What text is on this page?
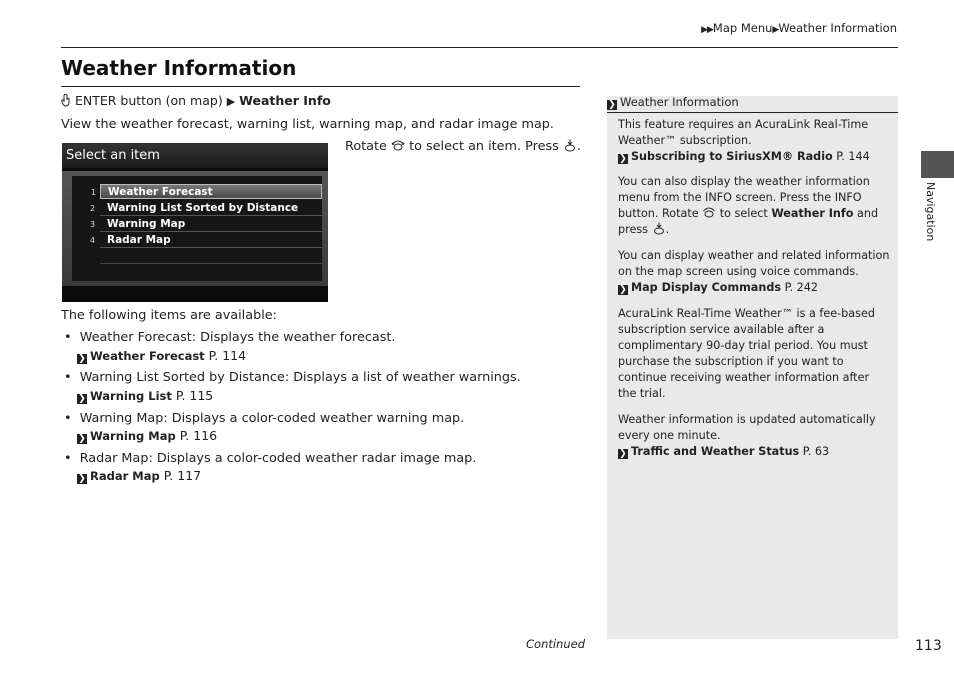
▶▶Map Menu▶Weather Information
Weather Information
ENTER button (on map) ▶ Weather Info
View the weather forecast, warning list, warning map, and radar image map.
Select an item
1 Weather Forecast
2 Warning List Sorted by Distance
3 Warning Map
4 Radar Map
Rotate to select an item. Press .
The following items are available:
•  Weather Forecast: Displays the weather forecast.
❯ Weather Forecast P. 114
•  Warning List Sorted by Distance: Displays a list of weather warnings.
❯ Warning List P. 115
•  Warning Map: Displays a color-coded weather warning map.
❯ Warning Map P. 116
•  Radar Map: Displays a color-coded weather radar image map.
❯ Radar Map P. 117
❯ Weather Information
This feature requires an AcuraLink Real-Time Weather™ subscription.
❯ Subscribing to SiriusXM® Radio P. 144
You can also display the weather information menu from the INFO screen. Press the INFO button. Rotate to select Weather Info and press .
You can display weather and related information on the map screen using voice commands.
❯ Map Display Commands P. 242
AcuraLink Real-Time Weather™ is a fee-based subscription service available after a complimentary 90-day trial period. You must purchase the subscription if you want to continue receiving weather information after the trial.
Weather information is updated automatically every one minute.
❯ Traffic and Weather Status P. 63
Navigation
Continued	113
